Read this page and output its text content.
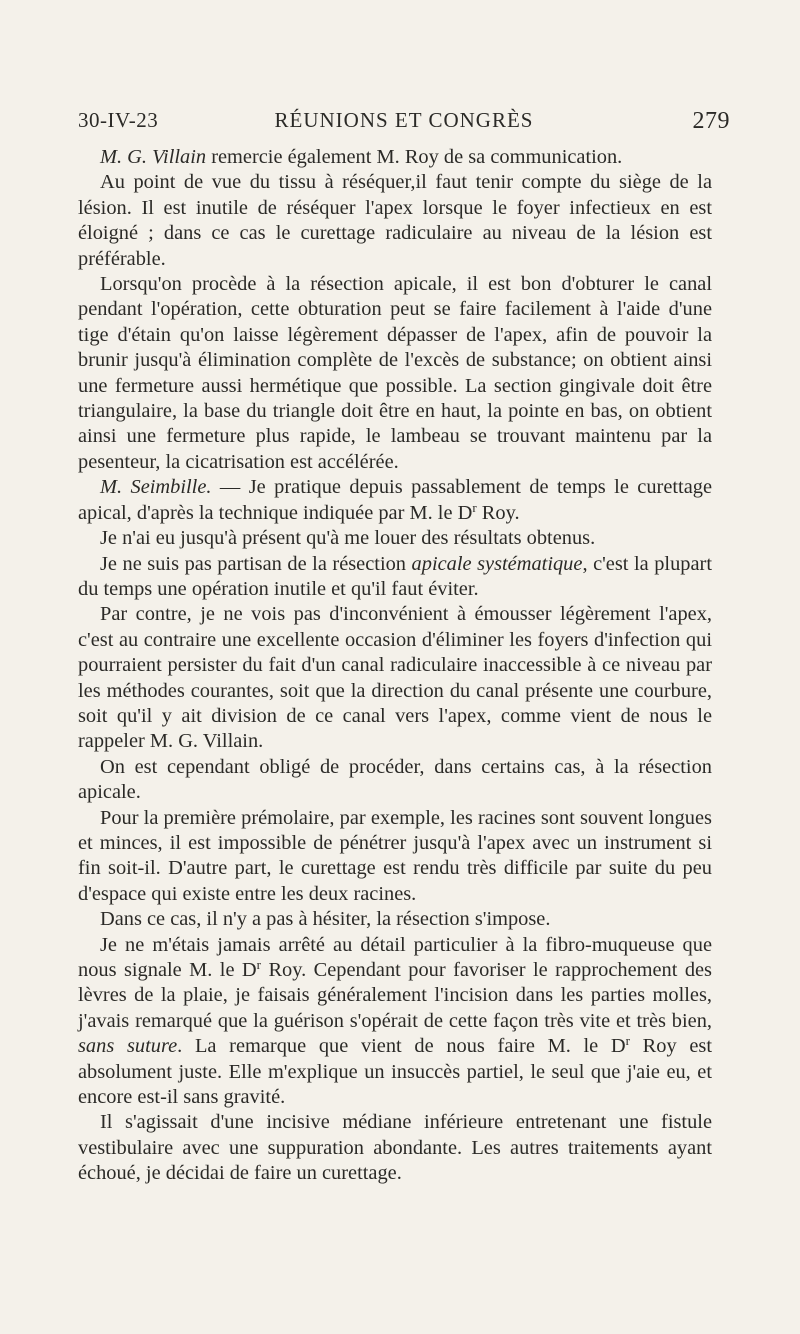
30-IV-23	RÉUNIONS ET CONGRÈS	279

M. G. Villain remercie également M. Roy de sa communication.

Au point de vue du tissu à réséquer,il faut tenir compte du siège de la lésion. Il est inutile de réséquer l'apex lorsque le foyer infectieux en est éloigné ; dans ce cas le curettage radiculaire au niveau de la lésion est préférable.

Lorsqu'on procède à la résection apicale, il est bon d'obturer le canal pendant l'opération, cette obturation peut se faire facilement à l'aide d'une tige d'étain qu'on laisse légèrement dépasser de l'apex, afin de pouvoir la brunir jusqu'à élimination complète de l'excès de substance; on obtient ainsi une fermeture aussi hermétique que possible. La section gingivale doit être triangulaire, la base du triangle doit être en haut, la pointe en bas, on obtient ainsi une fermeture plus rapide, le lambeau se trouvant maintenu par la pesenteur, la cicatrisation est accélérée.

M. Seimbille. — Je pratique depuis passablement de temps le curettage apical, d'après la technique indiquée par M. le $D^r$ Roy.

Je n'ai eu jusqu'à présent qu'à me louer des résultats obtenus.

Je ne suis pas partisan de la résection apicale systématique, c'est la plupart du temps une opération inutile et qu'il faut éviter.

Par contre, je ne vois pas d'inconvénient à émousser légèrement l'apex, c'est au contraire une excellente occasion d'éliminer les foyers d'infection qui pourraient persister du fait d'un canal radiculaire inaccessible à ce niveau par les méthodes courantes, soit que la direction du canal présente une courbure, soit qu'il y ait division de ce canal vers l'apex, comme vient de nous le rappeler M. G. Villain.

On est cependant obligé de procéder, dans certains cas, à la résection apicale.

Pour la première prémolaire, par exemple, les racines sont souvent longues et minces, il est impossible de pénétrer jusqu'à l'apex avec un instrument si fin soit-il. D'autre part, le curettage est rendu très difficile par suite du peu d'espace qui existe entre les deux racines.

Dans ce cas, il n'y a pas à hésiter, la résection s'impose.

Je ne m'étais jamais arrêté au détail particulier à la fibro-muqueuse que nous signale M. le $D^r$ Roy. Cependant pour favoriser le rapprochement des lèvres de la plaie, je faisais généralement l'incision dans les parties molles, j'avais remarqué que la guérison s'opérait de cette façon très vite et très bien, sans suture. La remarque que vient de nous faire M. le $D^r$ Roy est absolument juste. Elle m'explique un insuccès partiel, le seul que j'aie eu, et encore est-il sans gravité.

Il s'agissait d'une incisive médiane inférieure entretenant une fistule vestibulaire avec une suppuration abondante. Les autres traitements ayant échoué, je décidai de faire un curettage.
